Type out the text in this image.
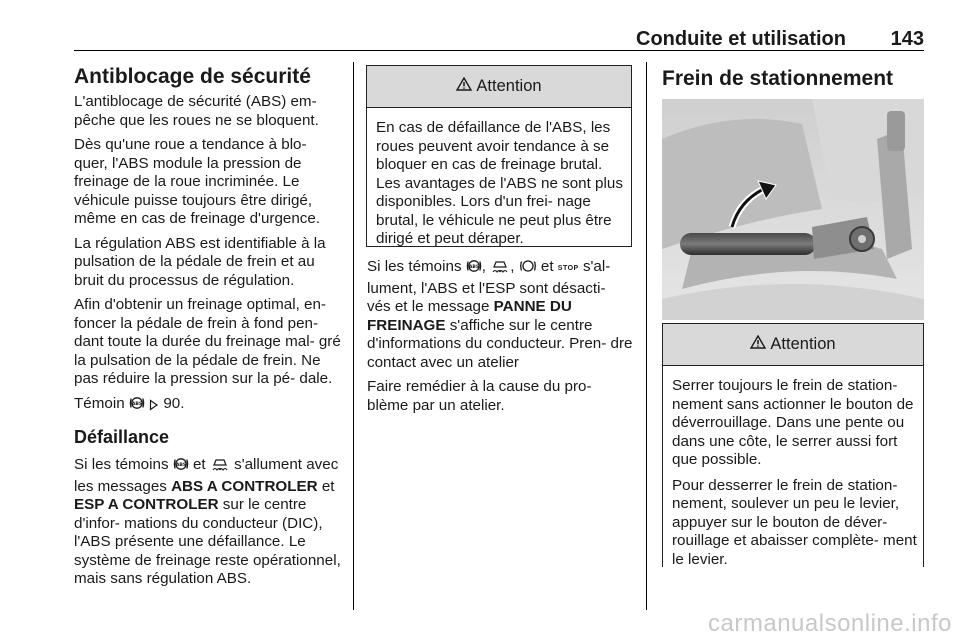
Conduite et utilisation 143
Antiblocage de sécurité

L'antiblocage de sécurité (ABS) em- pêche que les roues ne se bloquent.

Dès qu'une roue a tendance à blo- quer, l'ABS module la pression de freinage de la roue incriminée. Le véhicule puisse toujours être dirigé, même en cas de freinage d'urgence.

La régulation ABS est identifiable à la pulsation de la pédale de frein et au bruit du processus de régulation.

Afin d'obtenir un freinage optimal, en- foncer la pédale de frein à fond pen- dant toute la durée du freinage mal- gré la pulsation de la pédale de frein. Ne pas réduire la pression sur la pé- dale.

Témoin ABS 90.

Défaillance

Si les témoins ABS et  s'allument avec les messages ABS A CONTROLER et ESP A CONTROLER sur le centre d'infor- mations du conducteur (DIC), l'ABS présente une défaillance. Le système de freinage reste opérationnel, mais sans régulation ABS.

Attention

En cas de défaillance de l'ABS, les roues peuvent avoir tendance à se bloquer en cas de freinage brutal. Les avantages de l'ABS ne sont plus disponibles. Lors d'un frei- nage brutal, le véhicule ne peut plus être dirigé et peut déraper.

Si les témoins ABS , ,  et STOP s'al- lument, l'ABS et l'ESP sont désacti- vés et le message PANNE DU FREINAGE s'affiche sur le centre d'informations du conducteur. Pren- dre contact avec un atelier

Faire remédier à la cause du pro- blème par un atelier.

Frein de stationnement
Attention

Serrer toujours le frein de station- nement sans actionner le bouton de déverrouillage. Dans une pente ou dans une côte, le serrer aussi fort que possible.

Pour desserrer le frein de station- nement, soulever un peu le levier, appuyer sur le bouton de déver- rouillage et abaisser complète- ment le levier.

carmanualsonline.info
